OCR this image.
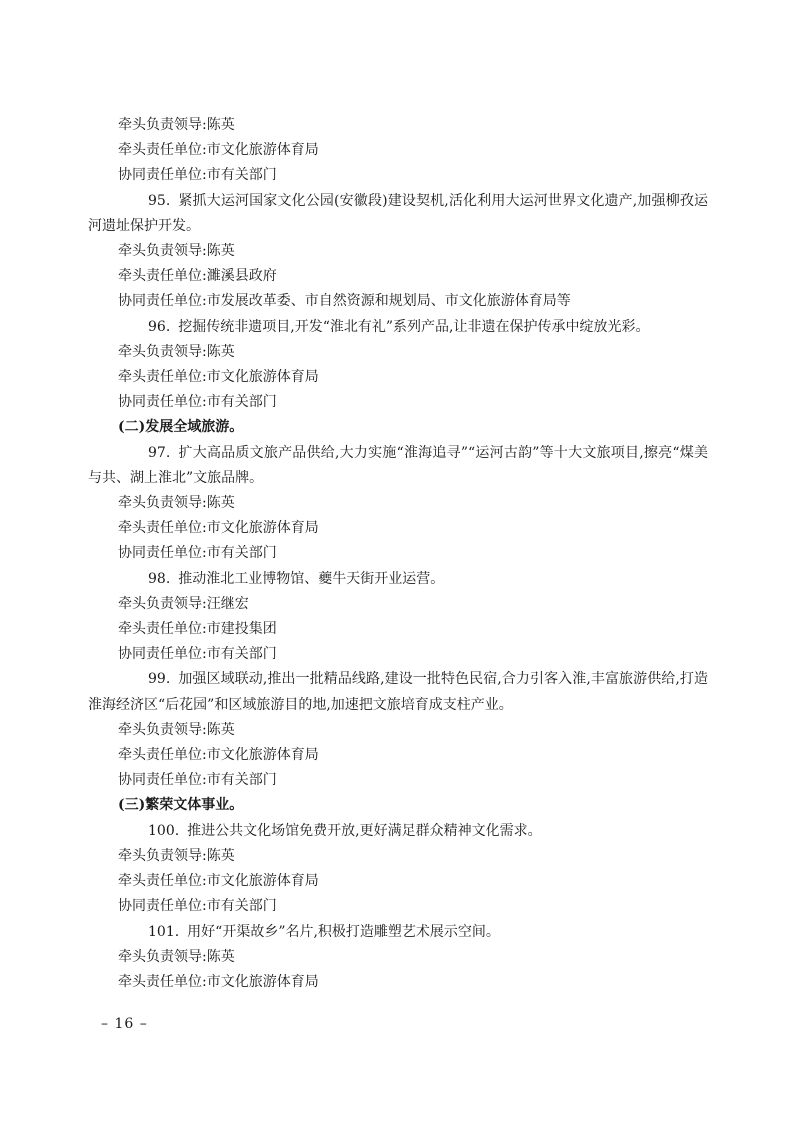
牵头负责领导:陈英
牵头责任单位:市文化旅游体育局
协同责任单位:市有关部门
95. 紧抓大运河国家文化公园(安徽段)建设契机,活化利用大运河世界文化遗产,加强柳孜运河遗址保护开发。
牵头负责领导:陈英
牵头责任单位:濉溪县政府
协同责任单位:市发展改革委、市自然资源和规划局、市文化旅游体育局等
96. 挖掘传统非遗项目,开发“淮北有礼”系列产品,让非遗在保护传承中绽放光彩。
牵头负责领导:陈英
牵头责任单位:市文化旅游体育局
协同责任单位:市有关部门
(二)发展全域旅游。
97. 扩大高品质文旅产品供给,大力实施“淮海追寻”“运河古韵”等十大文旅项目,擦亮“煤美与共、湖上淮北”文旅品牌。
牵头负责领导:陈英
牵头责任单位:市文化旅游体育局
协同责任单位:市有关部门
98. 推动淮北工业博物馆、夔牛天街开业运营。
牵头负责领导:汪继宏
牵头责任单位:市建投集团
协同责任单位:市有关部门
99. 加强区域联动,推出一批精品线路,建设一批特色民宿,合力引客入淮,丰富旅游供给,打造淮海经济区“后花园”和区域旅游目的地,加速把文旅培育成支柱产业。
牵头负责领导:陈英
牵头责任单位:市文化旅游体育局
协同责任单位:市有关部门
(三)繁荣文体事业。
100. 推进公共文化场馆免费开放,更好满足群众精神文化需求。
牵头负责领导:陈英
牵头责任单位:市文化旅游体育局
协同责任单位:市有关部门
101. 用好“开渠故乡”名片,积极打造雕塑艺术展示空间。
牵头负责领导:陈英
牵头责任单位:市文化旅游体育局
– 16 –
